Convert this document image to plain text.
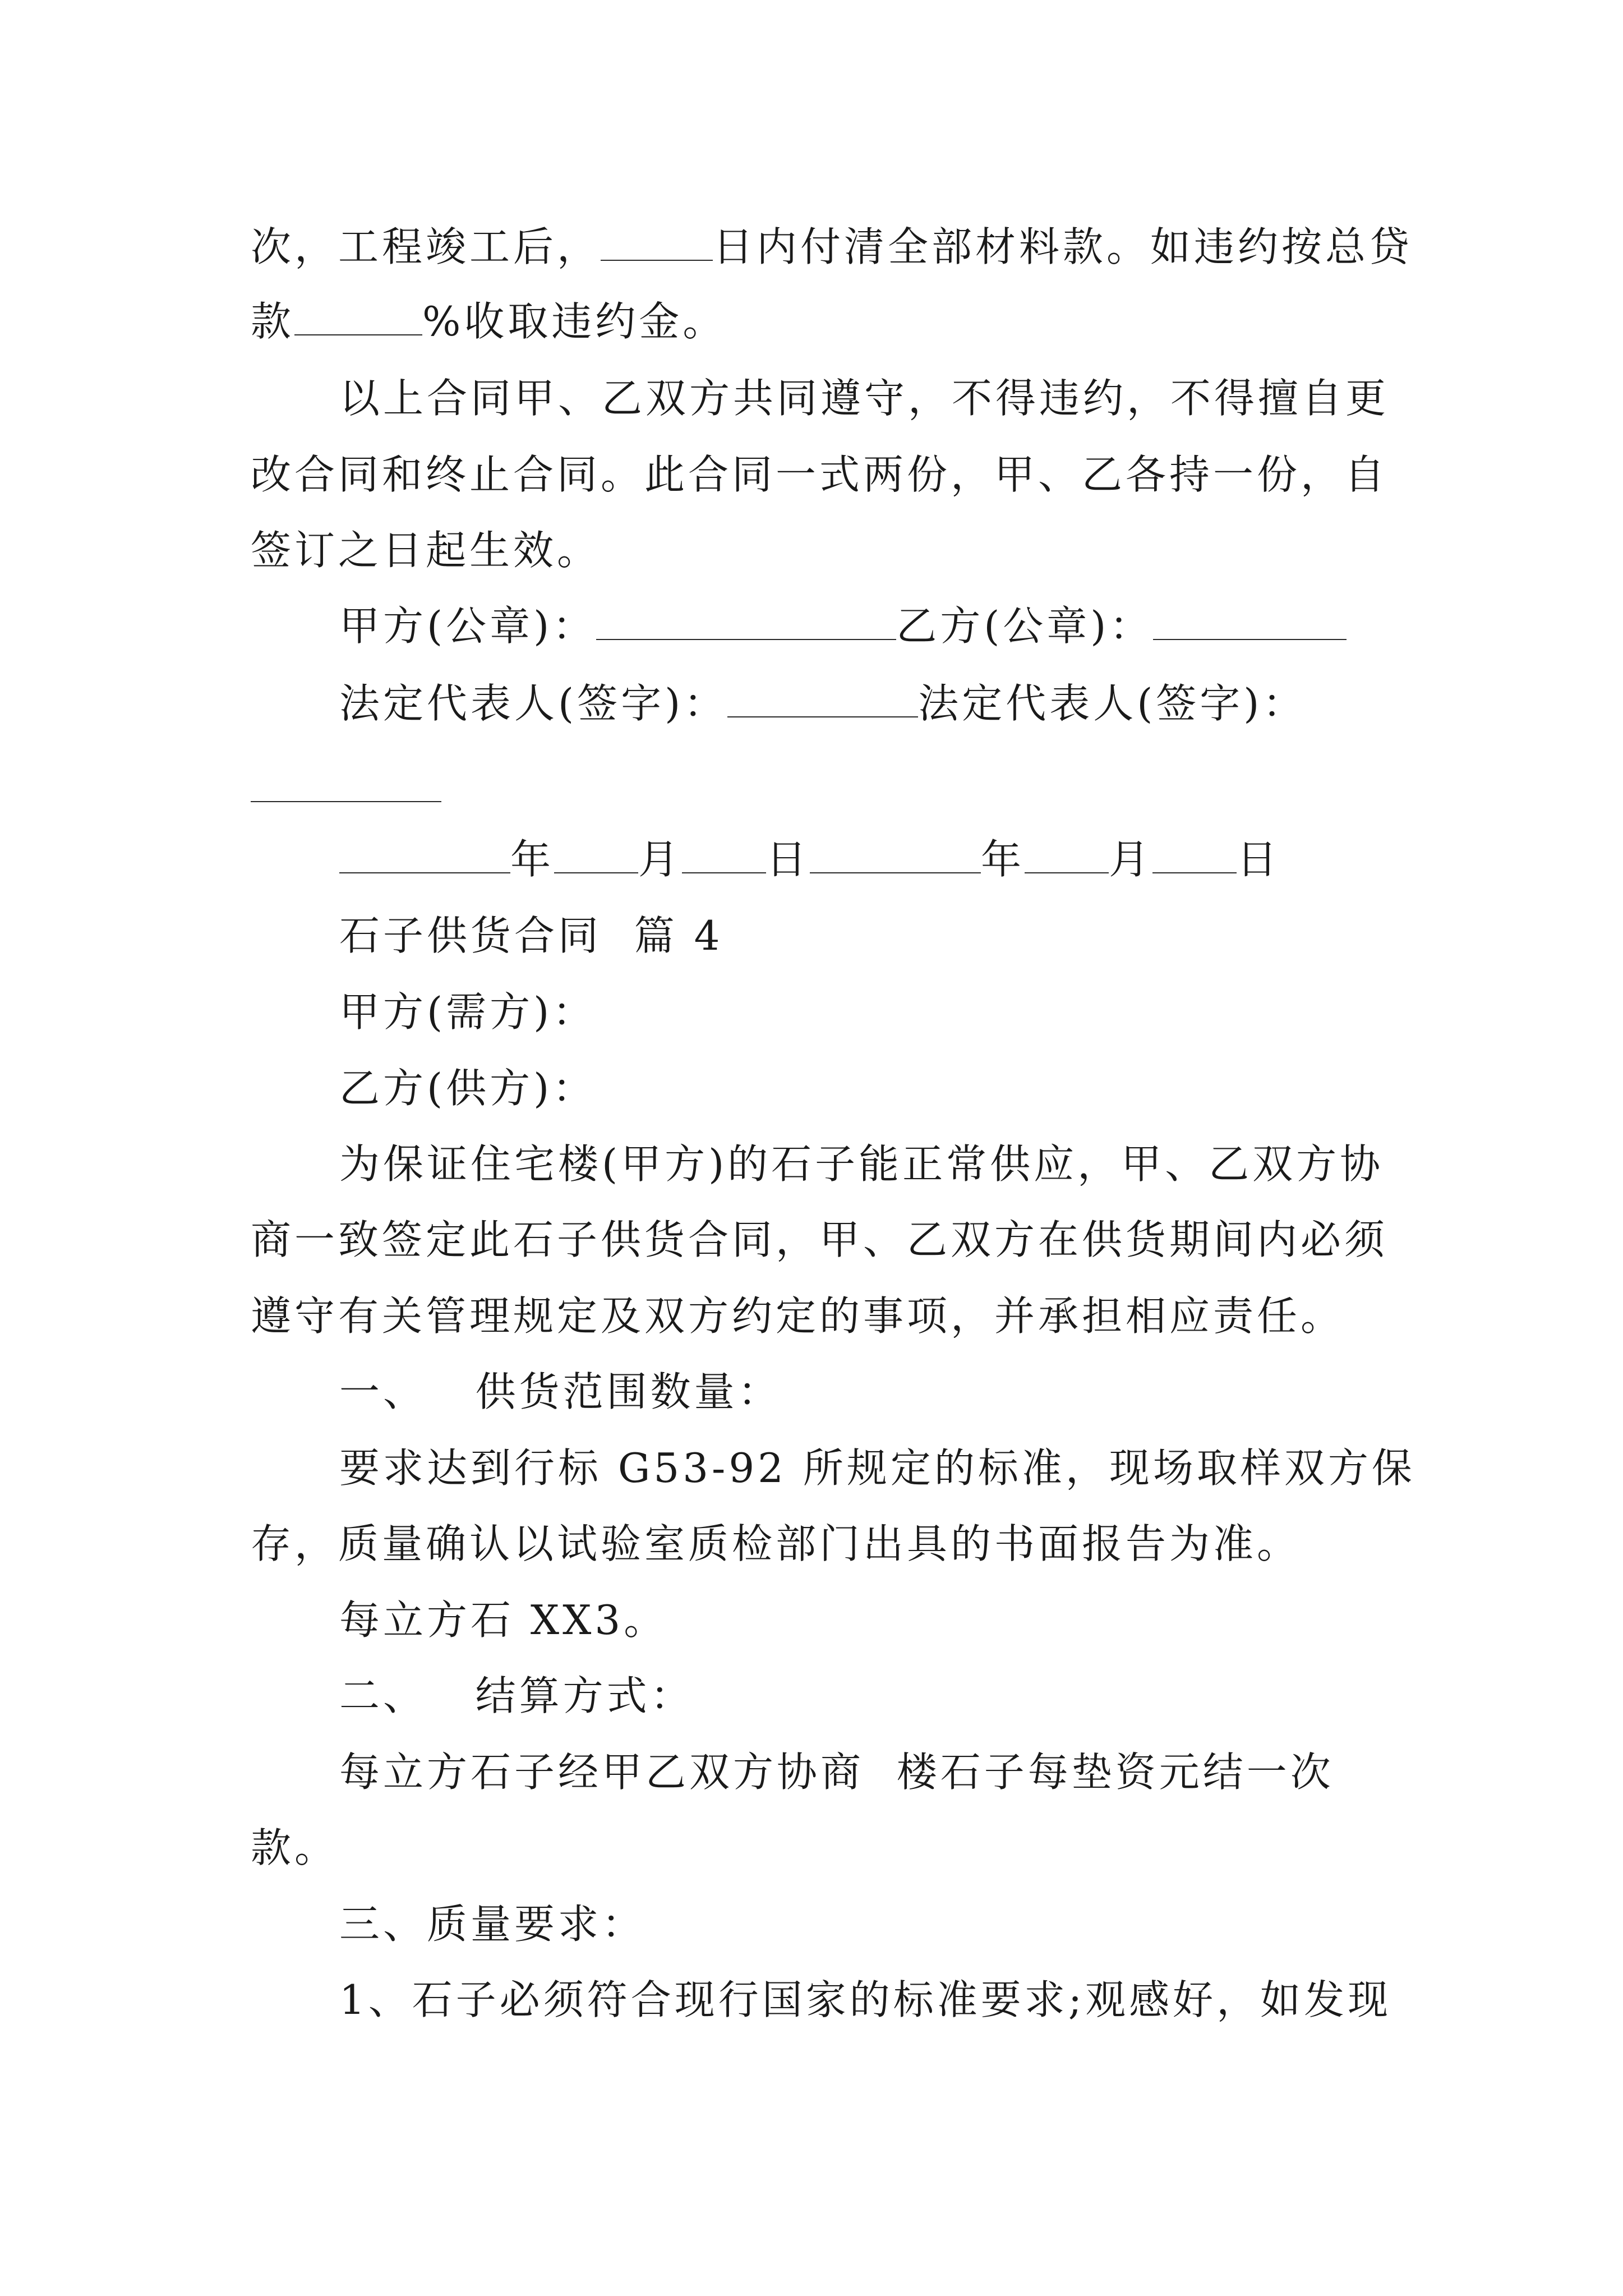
次，工程竣工后，	日内付清全部材料款。如违约按总贷
款	%收取违约金。
以上合同甲、乙双方共同遵守，不得违约，不得擅自更
改合同和终止合同。此合同一式两份，甲、乙各持一份，自
签订之日起生效。
甲方(公章)：	乙方(公章)：
法定代表人(签字)：	法定代表人(签字)：
年 月 日	年 月 日
石子供货合同  篇 4
甲方(需方)：
乙方(供方)：
为保证住宅楼(甲方)的石子能正常供应，甲、乙双方协
商一致签定此石子供货合同，甲、乙双方在供货期间内必须
遵守有关管理规定及双方约定的事项，并承担相应责任。
一、   供货范围数量：
要求达到行标 G53-92 所规定的标准，现场取样双方保
存，质量确认以试验室质检部门出具的书面报告为准。
每立方石 XX3。
二、   结算方式：
每立方石子经甲乙双方协商  楼石子每垫资元结一次
款。
三、质量要求：
1、石子必须符合现行国家的标准要求;观感好，如发现
